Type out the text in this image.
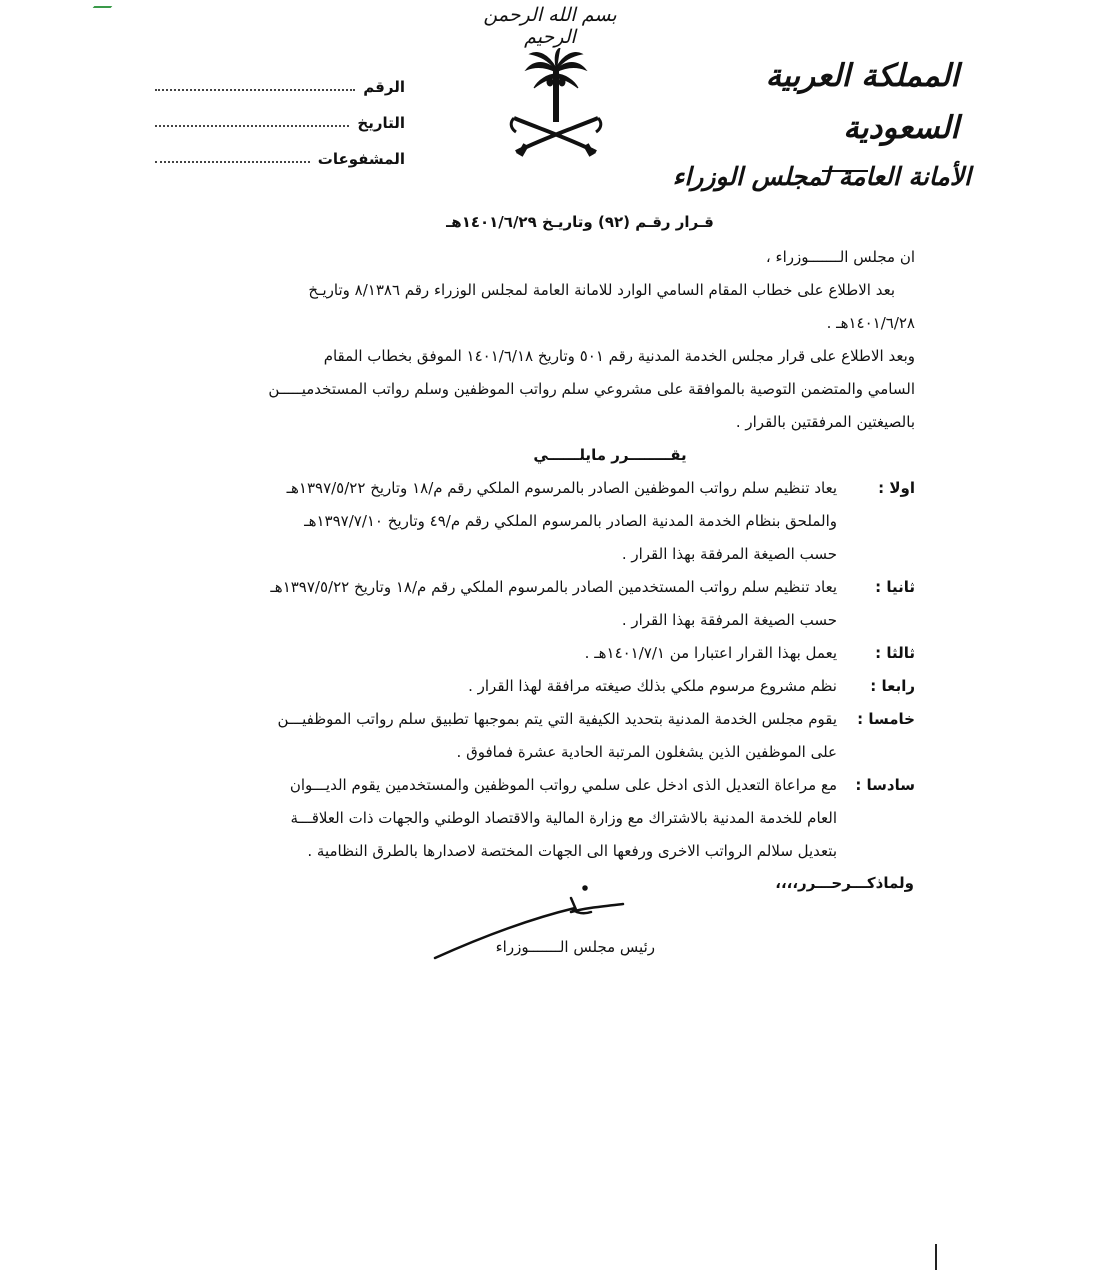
بسم الله الرحمن الرحيم
المملكة العربية السعودية
الأمانة العامة لمجلس الوزراء
الرقم
التاريخ
المشفوعات
قـرار رقـم (٩٢) وتاريـخ ١٤٠١/٦/٢٩هـ
ان مجلس الـــــــوزراء ،
بعد الاطلاع على خطاب المقام السامي الوارد للامانة العامة لمجلس الوزراء رقم ٨/١٣٨٦ وتاريـخ
١٤٠١/٦/٢٨هـ .
وبعد الاطلاع على قرار مجلس الخدمة المدنية رقم ٥٠١ وتاريخ ١٤٠١/٦/١٨ الموفق بخطاب المقام
السامي والمتضمن التوصية بالموافقة على مشروعي سلم رواتب الموظفين وسلم رواتب المستخدميـــــن
بالصيغتين المرفقتين بالقرار .
يقــــــــرر مايلــــــي
اولا :
يعاد تنظيم سلم رواتب الموظفين الصادر بالمرسوم الملكي رقم م/١٨ وتاريخ ١٣٩٧/٥/٢٢هـ
والملحق بنظام الخدمة المدنية الصادر بالمرسوم الملكي رقم م/٤٩ وتاريخ ١٣٩٧/٧/١٠هـ
حسب الصيغة المرفقة بهذا القرار .
ثانيا :
يعاد تنظيم سلم رواتب المستخدمين الصادر بالمرسوم الملكي رقم م/١٨ وتاريخ ١٣٩٧/٥/٢٢هـ
حسب الصيغة المرفقة بهذا القرار .
ثالثا :
يعمل بهذا القرار اعتبارا من ١٤٠١/٧/١هـ .
رابعا :
نظم مشروع مرسوم ملكي بذلك صيغته مرافقة لهذا القرار .
خامسا :
يقوم مجلس الخدمة المدنية بتحديد الكيفية التي يتم بموجبها تطبيق سلم رواتب الموظفيـــن
على الموظفين الذين يشغلون المرتبة الحادية عشرة فمافوق .
سادسا :
مع مراعاة التعديل الذى ادخل على سلمي رواتب الموظفين والمستخدمين يقوم الديـــوان
العام للخدمة المدنية بالاشتراك مع وزارة المالية والاقتصاد الوطني والجهات ذات العلاقـــة
بتعديل سلالم الرواتب الاخرى ورفعها الى الجهات المختصة لاصدارها بالطرق النظامية .
ولماذكـــرحـــرر،،،،
رئيس مجلس الـــــــوزراء
